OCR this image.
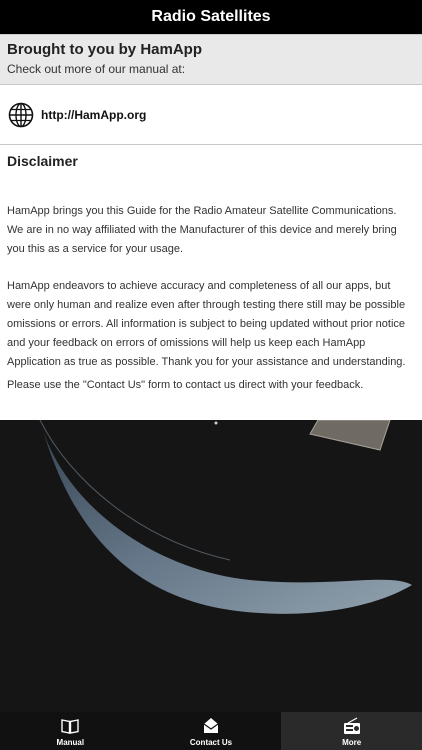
Radio Satellites
Brought to you by HamApp
Check out more of our manual at:
http://HamApp.org
Disclaimer

HamApp brings you this Guide for the Radio Amateur Satellite Communications. We are in no way affiliated with the Manufacturer of this device and merely bring you this as a service for your usage.

HamApp endeavors to achieve accuracy and completeness of all our apps, but were only human and realize even after through testing there still may be possible omissions or errors. All information is subject to being updated without prior notice and your feedback on errors of omissions will help us keep each HamApp Application as true as possible. Thank you for your assistance and understanding.

Please use the "Contact Us" form to contact us direct with your feedback.

Manual	Contact Us	More
